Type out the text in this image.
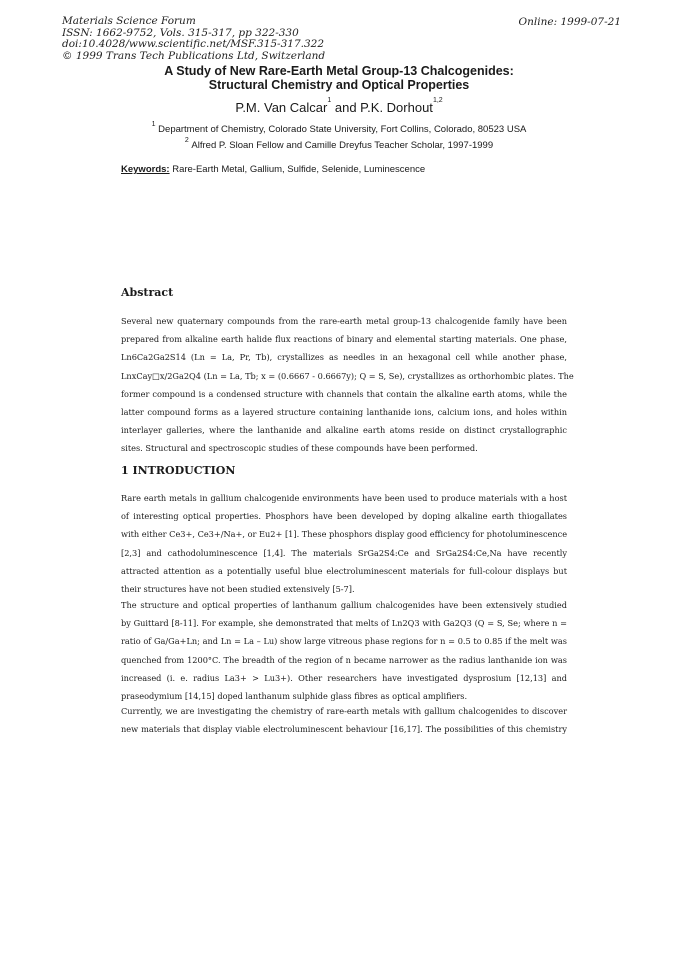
Materials Science Forum
ISSN: 1662-9752, Vols. 315-317, pp 322-330
doi:10.4028/www.scientific.net/MSF.315-317.322
© 1999 Trans Tech Publications Ltd, Switzerland
Online: 1999-07-21
A Study of New Rare-Earth Metal Group-13 Chalcogenides:
Structural Chemistry and Optical Properties
P.M. Van Calcar$^1$ and P.K. Dorhout$^{1,2}$
$^1$ Department of Chemistry, Colorado State University, Fort Collins, Colorado, 80523 USA
$^2$ Alfred P. Sloan Fellow and Camille Dreyfus Teacher Scholar, 1997-1999
Keywords: Rare-Earth Metal, Gallium, Sulfide, Selenide, Luminescence
Abstract
Several new quaternary compounds from the rare-earth metal group-13 chalcogenide family have been
prepared from alkaline earth halide flux reactions of binary and elemental starting materials. One phase,
Ln6Ca2Ga2S14 (Ln = La, Pr, Tb), crystallizes as needles in an hexagonal cell while another phase,
LnxCay□x/2Ga2Q4 (Ln = La, Tb; x = (0.6667 - 0.6667y); Q = S, Se), crystallizes as orthorhombic plates. The
former compound is a condensed structure with channels that contain the alkaline earth atoms, while the
latter compound forms as a layered structure containing lanthanide ions, calcium ions, and holes within
interlayer galleries, where the lanthanide and alkaline earth atoms reside on distinct crystallographic
sites. Structural and spectroscopic studies of these compounds have been performed.
1 INTRODUCTION
Rare earth metals in gallium chalcogenide environments have been used to produce materials with a host
of interesting optical properties. Phosphors have been developed by doping alkaline earth thiogallates
with either Ce3+, Ce3+/Na+, or Eu2+ [1]. These phosphors display good efficiency for photoluminescence
[2,3] and cathodoluminescence [1,4]. The materials SrGa2S4:Ce and SrGa2S4:Ce,Na have recently
attracted attention as a potentially useful blue electroluminescent materials for full-colour displays but
their structures have not been studied extensively [5-7].
The structure and optical properties of lanthanum gallium chalcogenides have been extensively studied
by Guittard [8-11]. For example, she demonstrated that melts of Ln2Q3 with Ga2Q3 (Q = S, Se; where n =
ratio of Ga/Ga+Ln; and Ln = La – Lu) show large vitreous phase regions for n = 0.5 to 0.85 if the melt was
quenched from 1200°C. The breadth of the region of n became narrower as the radius lanthanide ion was
increased (i. e. radius La3+ > Lu3+). Other researchers have investigated dysprosium [12,13] and
praseodymium [14,15] doped lanthanum sulphide glass fibres as optical amplifiers.
Currently, we are investigating the chemistry of rare-earth metals with gallium chalcogenides to discover
new materials that display viable electroluminescent behaviour [16,17]. The possibilities of this chemistry
